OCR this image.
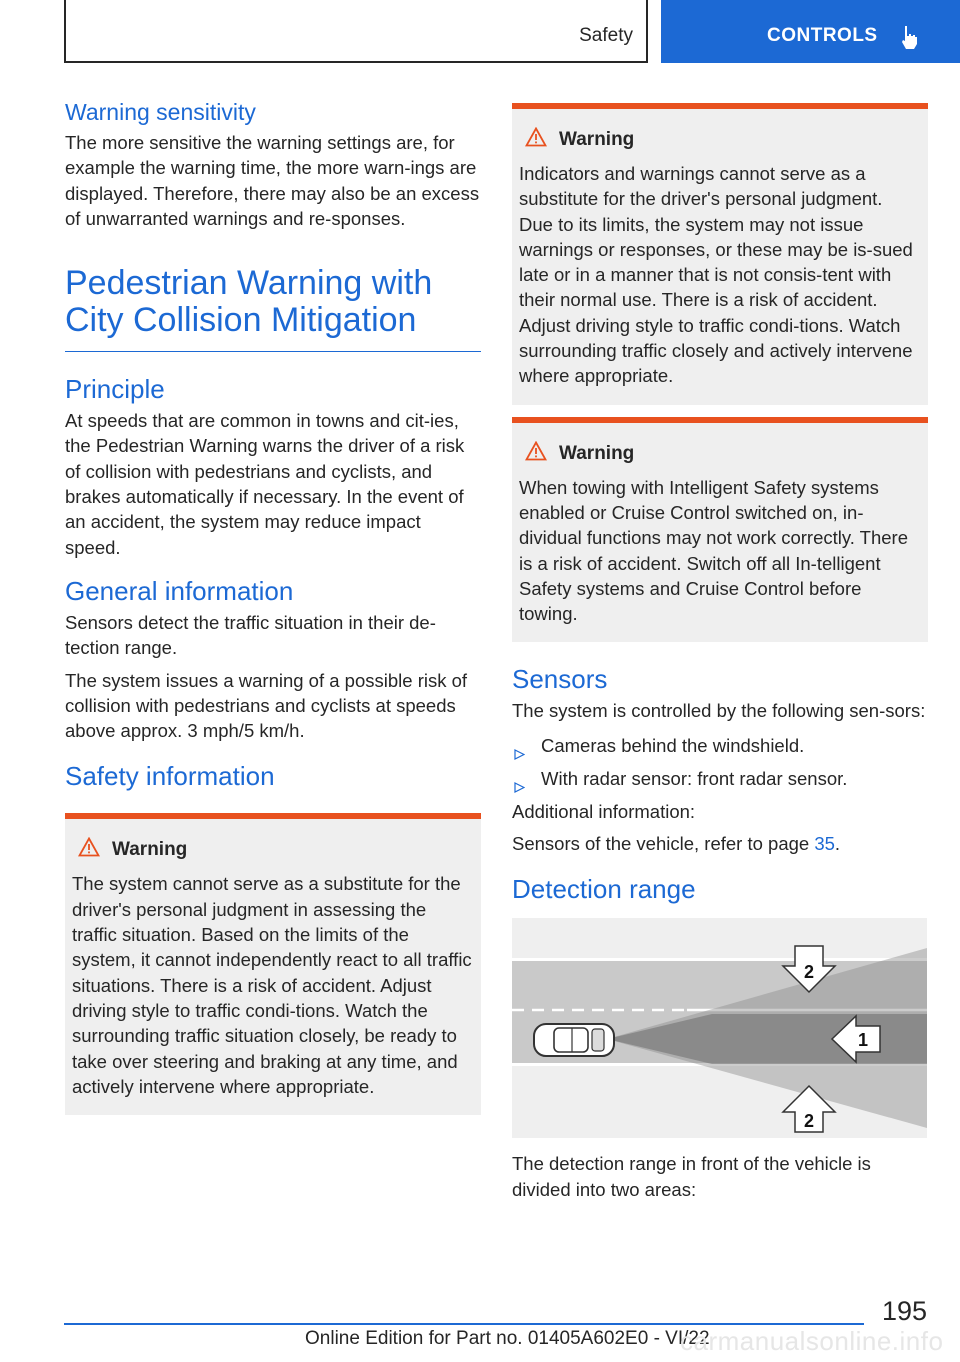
Safety	CONTROLS
Warning sensitivity

The more sensitive the warning settings are, for example the warning time, the more warn‐ings are displayed. Therefore, there may also be an excess of unwarranted warnings and re‐sponses.

Pedestrian Warning with City Collision Mitigation
Principle

At speeds that are common in towns and cit‐ies, the Pedestrian Warning warns the driver of a risk of collision with pedestrians and cyclists, and brakes automatically if necessary. In the event of an accident, the system may reduce impact speed.

General information

Sensors detect the traffic situation in their de‐tection range.

The system issues a warning of a possible risk of collision with pedestrians and cyclists at speeds above approx. 3 mph/5 km/h.

Safety information
Warning

The system cannot serve as a substitute for the driver's personal judgment in assessing the traffic situation. Based on the limits of the system, it cannot independently react to all traffic situations. There is a risk of accident. Adjust driving style to traffic condi‐tions. Watch the surrounding traffic situation closely, be ready to take over steering and braking at any time, and actively intervene where appropriate.

Warning

Indicators and warnings cannot serve as a substitute for the driver's personal judgment. Due to its limits, the system may not issue warnings or responses, or these may be is‐sued late or in a manner that is not consis‐tent with their normal use. There is a risk of accident. Adjust driving style to traffic condi‐tions. Watch surrounding traffic closely and actively intervene where appropriate.

Warning

When towing with Intelligent Safety systems enabled or Cruise Control switched on, in‐dividual functions may not work correctly. There is a risk of accident. Switch off all In‐telligent Safety systems and Cruise Control before towing.

Sensors

The system is controlled by the following sen‐sors:

Cameras behind the windshield.
With radar sensor: front radar sensor.

Additional information:

Sensors of the vehicle, refer to page 35.

Detection range
2
1
2

The detection range in front of the vehicle is divided into two areas:

195
Online Edition for Part no. 01405A602E0 - VI/22
carmanualsonline.info
